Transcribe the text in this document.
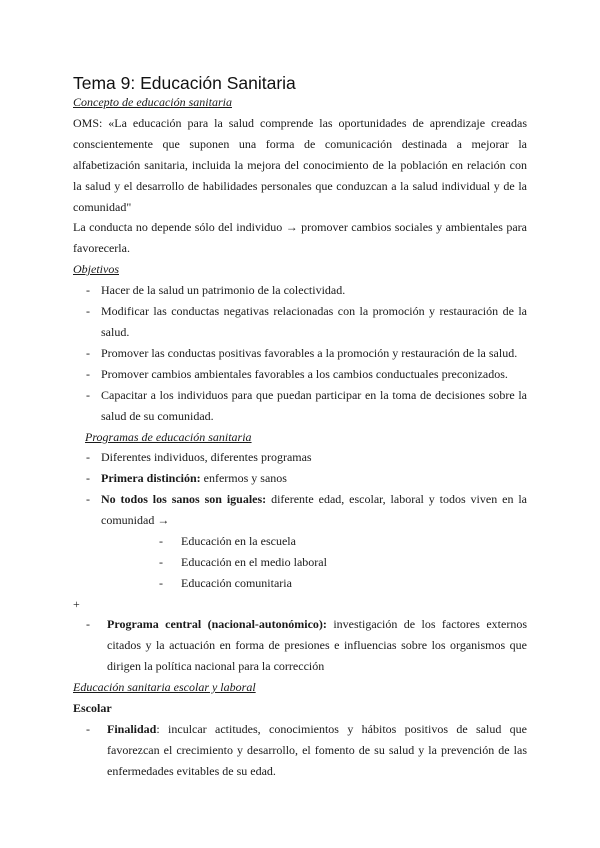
Tema 9: Educación Sanitaria
Concepto de educación sanitaria
OMS: «La educación para la salud comprende las oportunidades de aprendizaje creadas
conscientemente que suponen una forma de comunicación destinada a mejorar la
alfabetización sanitaria, incluida la mejora del conocimiento de la población en relación con
la salud y el desarrollo de habilidades personales que conduzcan a la salud individual y de la
comunidad"
La conducta no depende sólo del individuo → promover cambios sociales y ambientales para
favorecerla.
Objetivos
- Hacer de la salud un patrimonio de la colectividad.
- Modificar las conductas negativas relacionadas con la promoción y restauración de la
salud.
- Promover las conductas positivas favorables a la promoción y restauración de la salud.
- Promover cambios ambientales favorables a los cambios conductuales preconizados.
- Capacitar a los individuos para que puedan participar en la toma de decisiones sobre la
salud de su comunidad.
Programas de educación sanitaria
- Diferentes individuos, diferentes programas
- Primera distinción: enfermos y sanos
- No todos los sanos son iguales: diferente edad, escolar, laboral y todos viven en la
comunidad →
- Educación en la escuela
- Educación en el medio laboral
- Educación comunitaria
+
- Programa central (nacional-autonómico): investigación de los factores externos
citados y la actuación en forma de presiones e influencias sobre los organismos que
dirigen la política nacional para la corrección
Educación sanitaria escolar y laboral
Escolar
- Finalidad: inculcar actitudes, conocimientos y hábitos positivos de salud que
favorezcan el crecimiento y desarrollo, el fomento de su salud y la prevención de las
enfermedades evitables de su edad.
